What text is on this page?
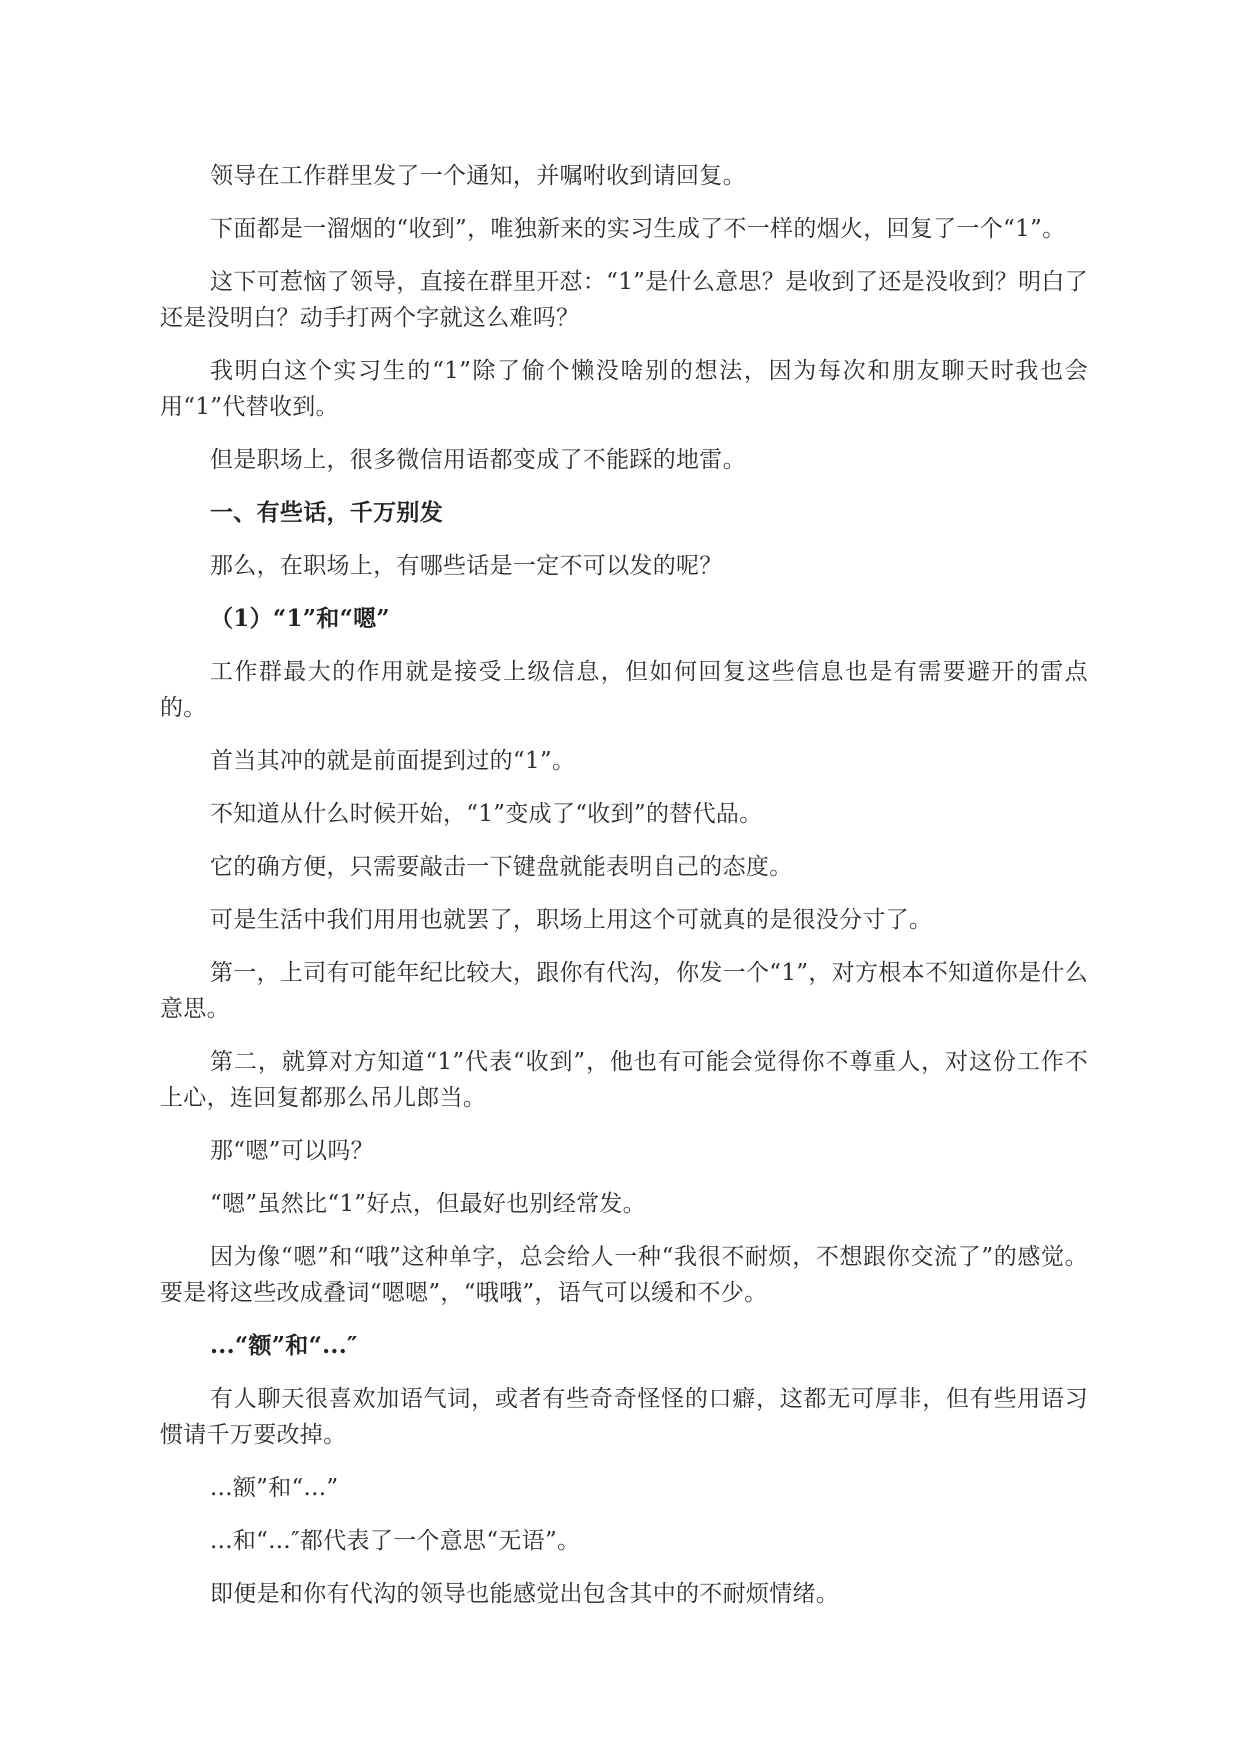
领导在工作群里发了一个通知，并嘱咐收到请回复。

下面都是一溜烟的“收到”，唯独新来的实习生成了不一样的烟火，回复了一个“1”。

这下可惹恼了领导，直接在群里开怼：“1”是什么意思？是收到了还是没收到？明白了还是没明白？动手打两个字就这么难吗？

我明白这个实习生的“1”除了偷个懒没啥别的想法，因为每次和朋友聊天时我也会用“1”代替收到。

但是职场上，很多微信用语都变成了不能踩的地雷。

一、有些话，千万别发

那么，在职场上，有哪些话是一定不可以发的呢？

（1）“1”和“嗯”

工作群最大的作用就是接受上级信息，但如何回复这些信息也是有需要避开的雷点的。

首当其冲的就是前面提到过的“1”。

不知道从什么时候开始，“1”变成了“收到”的替代品。

它的确方便，只需要敲击一下键盘就能表明自己的态度。

可是生活中我们用用也就罢了，职场上用这个可就真的是很没分寸了。

第一，上司有可能年纪比较大，跟你有代沟，你发一个“1”，对方根本不知道你是什么意思。

第二，就算对方知道“1”代表“收到”，他也有可能会觉得你不尊重人，对这份工作不上心，连回复都那么吊儿郎当。

那“嗯”可以吗？

“嗯”虽然比“1”好点，但最好也别经常发。

因为像“嗯”和“哦”这种单字，总会给人一种“我很不耐烦，不想跟你交流了”的感觉。要是将这些改成叠词“嗯嗯”，“哦哦”，语气可以缓和不少。

...“额”和“...″

有人聊天很喜欢加语气词，或者有些奇奇怪怪的口癖，这都无可厚非，但有些用语习惯请千万要改掉。

...额”和“...”

...和“...″都代表了一个意思“无语”。

即便是和你有代沟的领导也能感觉出包含其中的不耐烦情绪。
